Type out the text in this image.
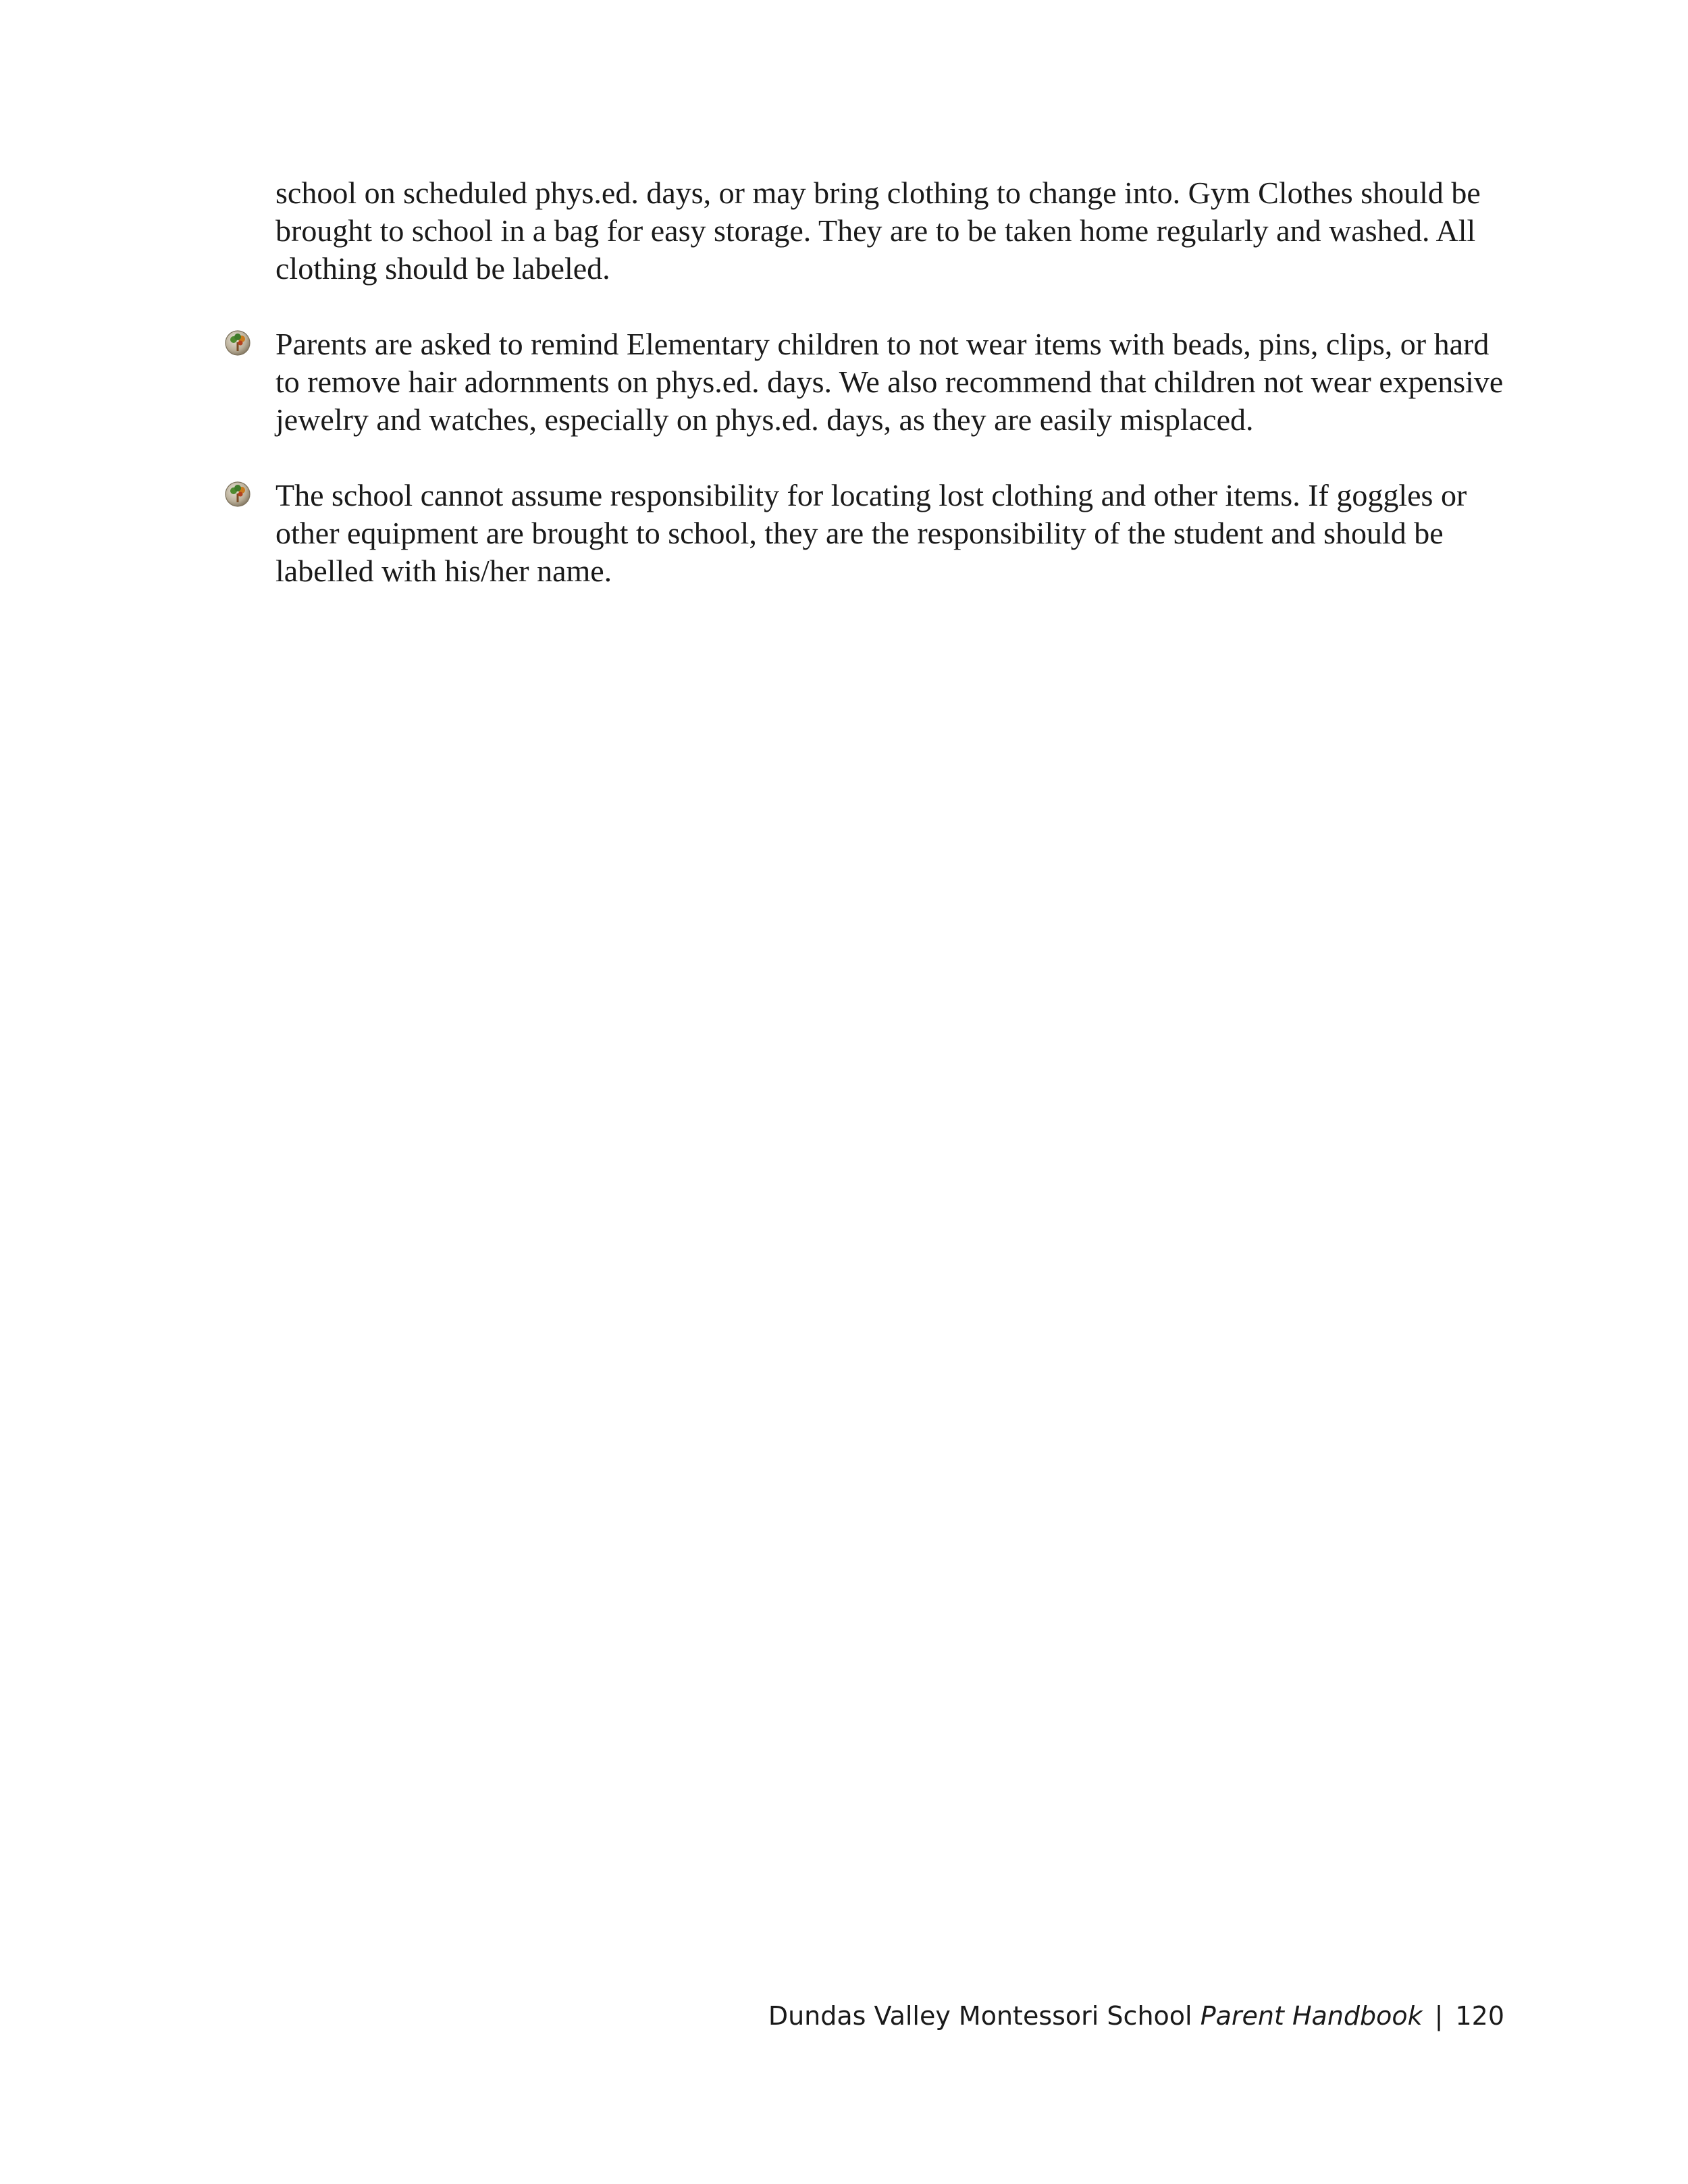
school on scheduled phys.ed. days, or may bring clothing to change into. Gym Clothes should be brought to school in a bag for easy storage. They are to be taken home regularly and washed. All clothing should be labeled.

Parents are asked to remind Elementary children to not wear items with beads, pins, clips, or hard to remove hair adornments on phys.ed. days. We also recommend that children not wear expensive jewelry and watches, especially on phys.ed. days, as they are easily misplaced.

The school cannot assume responsibility for locating lost clothing and other items. If goggles or other equipment are brought to school, they are the responsibility of the student and should be labelled with his/her name.

Dundas Valley Montessori School Parent Handbook | 120
